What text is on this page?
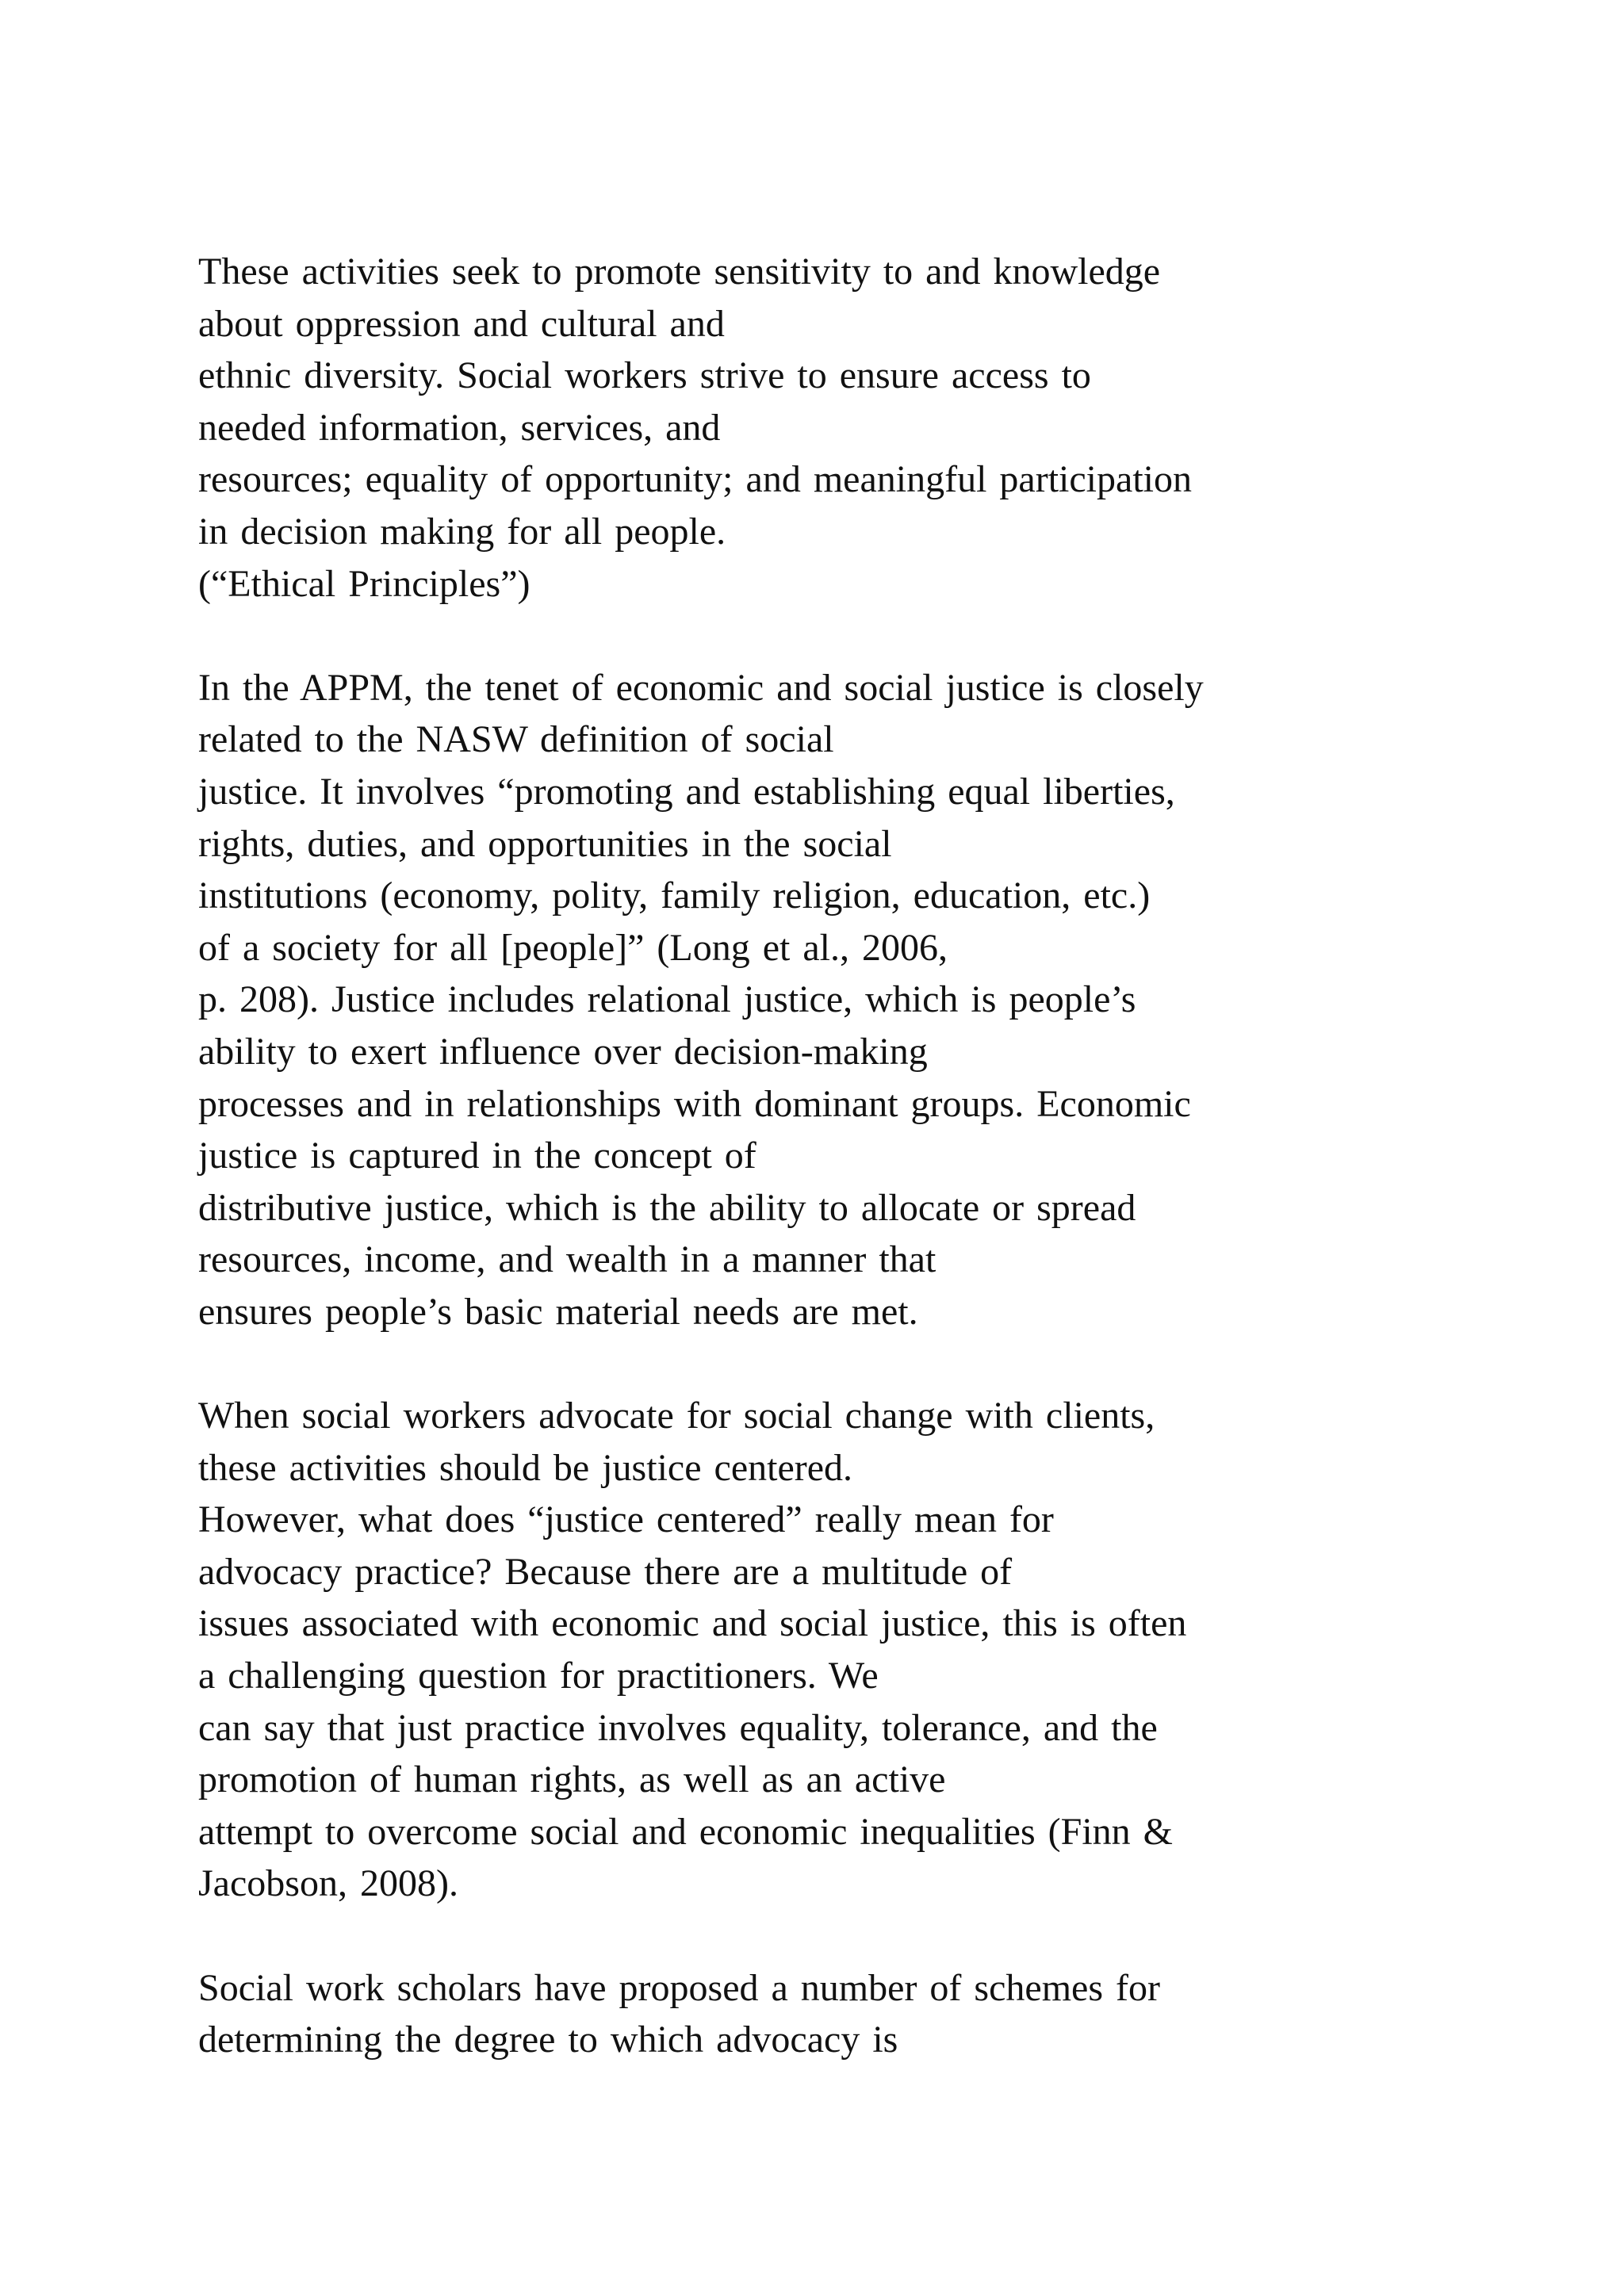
These activities seek to promote sensitivity to and knowledge
about oppression and cultural and
ethnic diversity. Social workers strive to ensure access to
needed information, services, and
resources; equality of opportunity; and meaningful participation
in decision making for all people.
(“Ethical Principles”)
In the APPM, the tenet of economic and social justice is closely
related to the NASW definition of social
justice. It involves “promoting and establishing equal liberties,
rights, duties, and opportunities in the social
institutions (economy, polity, family religion, education, etc.)
of a society for all [people]” (Long et al., 2006,
p. 208). Justice includes relational justice, which is people’s
ability to exert influence over decision-making
processes and in relationships with dominant groups. Economic
justice is captured in the concept of
distributive justice, which is the ability to allocate or spread
resources, income, and wealth in a manner that
ensures people’s basic material needs are met.
When social workers advocate for social change with clients,
these activities should be justice centered.
However, what does “justice centered” really mean for
advocacy practice? Because there are a multitude of
issues associated with economic and social justice, this is often
a challenging question for practitioners. We
can say that just practice involves equality, tolerance, and the
promotion of human rights, as well as an active
attempt to overcome social and economic inequalities (Finn &
Jacobson, 2008).
Social work scholars have proposed a number of schemes for
determining the degree to which advocacy is
